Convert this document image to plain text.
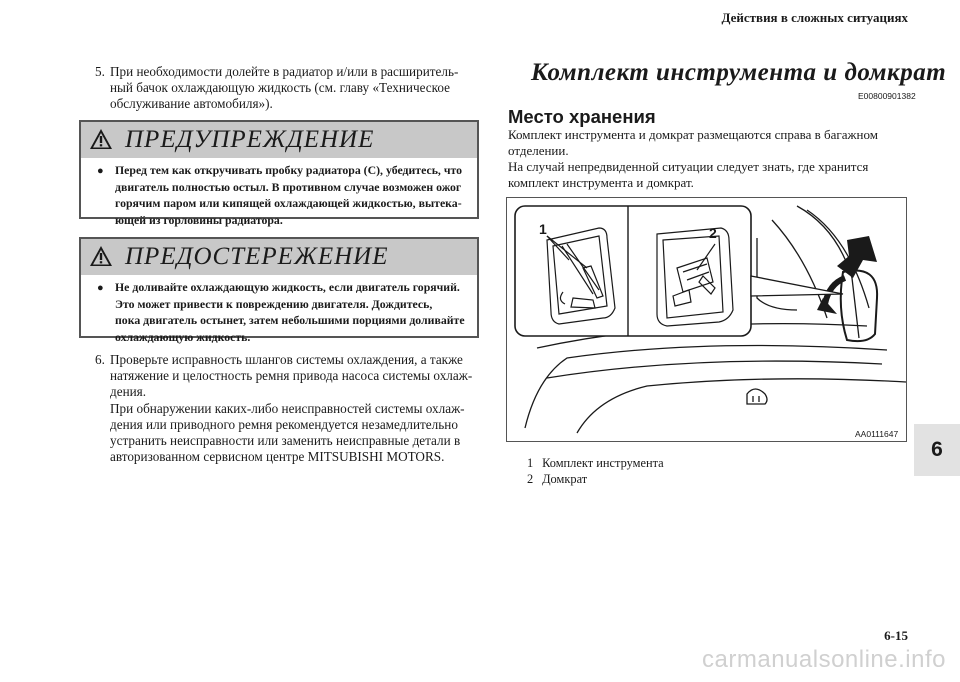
Действия в сложных ситуациях
6
5. При необходимости долейте в радиатор и/или в расширитель-

ный бачок охлаждающую жидкость (см. главу «Техническое

обслуживание автомобиля»).

ПРЕДУПРЕЖДЕНИЕ
● Перед тем как откручивать пробку радиатора (C), убедитесь, что
двигатель полностью остыл. В противном случае возможен ожог
горячим паром или кипящей охлаждающей жидкостью, вытека-
ющей из горловины радиатора.
ПРЕДОСТЕРЕЖЕНИЕ
● Не доливайте охлаждающую жидкость, если двигатель горячий.
Это может привести к повреждению двигателя. Дождитесь,
пока двигатель остынет, затем небольшими порциями доливайте
охлаждающую жидкость.
6. Проверьте исправность шлангов системы охлаждения, а также

натяжение и целостность ремня привода насоса системы охлаж-

дения.

При обнаружении каких-либо неисправностей системы охлаж-

дения или приводного ремня рекомендуется незамедлительно

устранить неисправности или заменить неисправные детали в

авторизованном сервисном центре MITSUBISHI MOTORS.

Комплект инструмента и домкрат
E00800901382
Место хранения

Комплект инструмента и домкрат размещаются справа в багажном

отделении.

На случай непредвиденной ситуации следует знать, где хранится

комплект инструмента и домкрат.

1	2
AA0111647
1 Комплект инструмента
2 Домкрат
6-15
carmanualsonline.info
